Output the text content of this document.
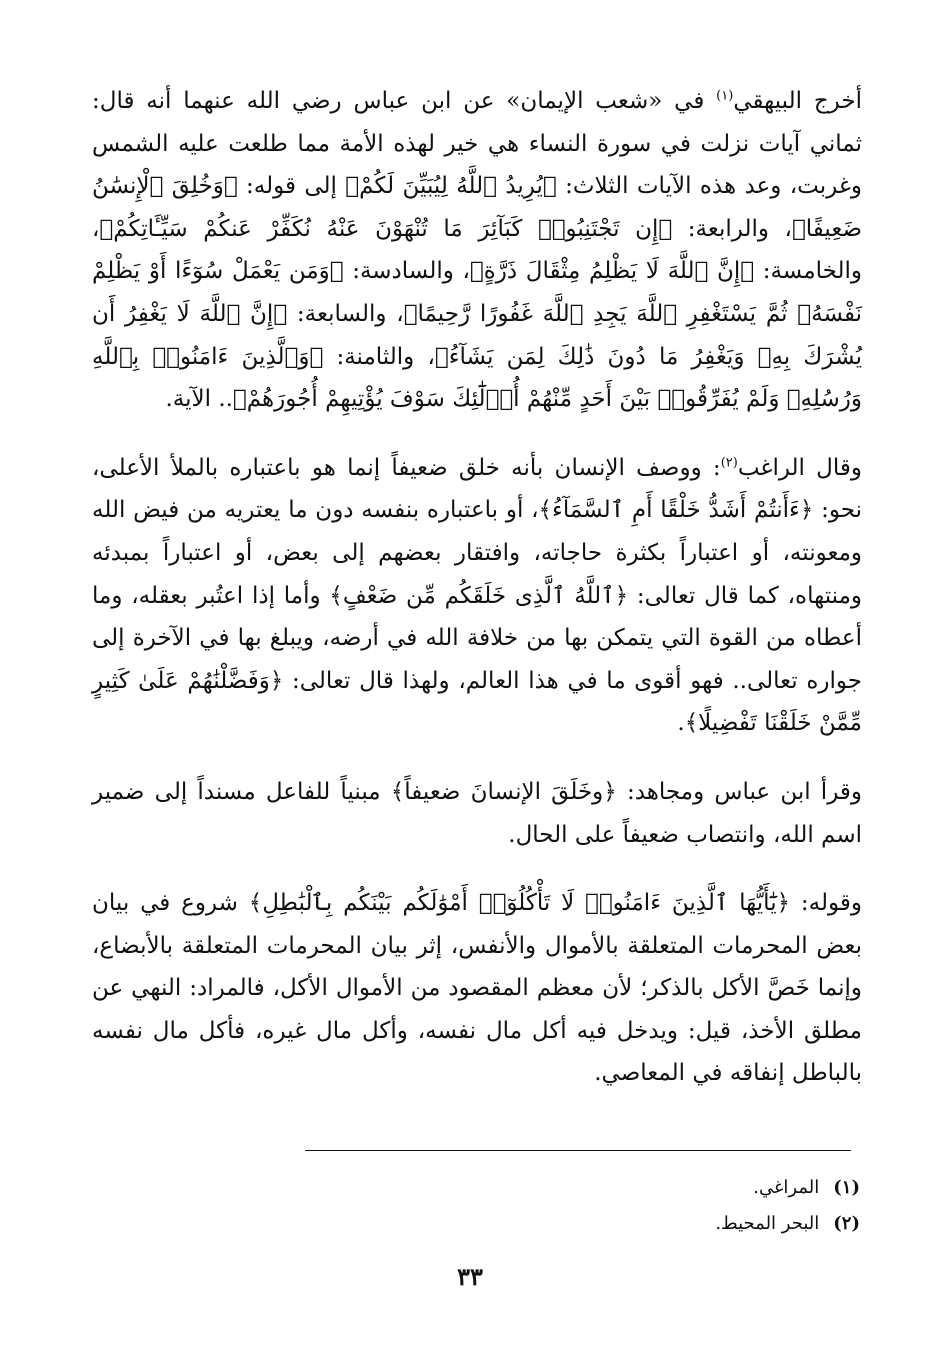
أخرج البيهقي$^{(١)}$ في «شعب الإيمان» عن ابن عباس رضي الله عنهما أنه قال: ثماني آيات نزلت في سورة النساء هي خير لهذه الأمة مما طلعت عليه الشمس وغربت، وعد هذه الآيات الثلاث: ﴿يُرِيدُ ٱللَّهُ لِيُبَيِّنَ لَكُمْ﴾ إلى قوله: ﴿وَخُلِقَ ٱلْإِنسَٰنُ ضَعِيفًا﴾، والرابعة: ﴿إِن تَجْتَنِبُوا۟ كَبَآئِرَ مَا تُنْهَوْنَ عَنْهُ نُكَفِّرْ عَنكُمْ سَيِّـَٔاتِكُمْ﴾، والخامسة: ﴿إِنَّ ٱللَّهَ لَا يَظْلِمُ مِثْقَالَ ذَرَّةٍ﴾، والسادسة: ﴿وَمَن يَعْمَلْ سُوٓءًا أَوْ يَظْلِمْ نَفْسَهُۥ ثُمَّ يَسْتَغْفِرِ ٱللَّهَ يَجِدِ ٱللَّهَ غَفُورًا رَّحِيمًا﴾، والسابعة: ﴿إِنَّ ٱللَّهَ لَا يَغْفِرُ أَن يُشْرَكَ بِهِۦ وَيَغْفِرُ مَا دُونَ ذَٰلِكَ لِمَن يَشَآءُ﴾، والثامنة: ﴿وَٱلَّذِينَ ءَامَنُوا۟ بِٱللَّهِ وَرُسُلِهِۦ وَلَمْ يُفَرِّقُوا۟ بَيْنَ أَحَدٍ مِّنْهُمْ أُو۟لَٰٓئِكَ سَوْفَ يُؤْتِيهِمْ أُجُورَهُمْ﴾.. الآية.

وقال الراغب$^{(٢)}$: ووصف الإنسان بأنه خلق ضعيفاً إنما هو باعتباره بالملأ الأعلى، نحو: ﴿ءَأَنتُمْ أَشَدُّ خَلْقًا أَمِ ٱلسَّمَآءُ﴾، أو باعتباره بنفسه دون ما يعتريه من فيض الله ومعونته، أو اعتباراً بكثرة حاجاته، وافتقار بعضهم إلى بعض، أو اعتباراً بمبدئه ومنتهاه، كما قال تعالى: ﴿ٱللَّهُ ٱلَّذِى خَلَقَكُم مِّن ضَعْفٍ﴾ وأما إذا اعتُبر بعقله، وما أعطاه من القوة التي يتمكن بها من خلافة الله في أرضه، ويبلغ بها في الآخرة إلى جواره تعالى.. فهو أقوى ما في هذا العالم، ولهذا قال تعالى: ﴿وَفَضَّلْنَٰهُمْ عَلَىٰ كَثِيرٍ مِّمَّنْ خَلَقْنَا تَفْضِيلًا﴾.

وقرأ ابن عباس ومجاهد: ﴿وخَلَقَ الإنسانَ ضعيفاً﴾ مبنياً للفاعل مسنداً إلى ضمير اسم الله، وانتصاب ضعيفاً على الحال.

وقوله: ﴿يَٰٓأَيُّهَا ٱلَّذِينَ ءَامَنُوا۟ لَا تَأْكُلُوٓا۟ أَمْوَٰلَكُم بَيْنَكُم بِٱلْبَٰطِلِ﴾ شروع في بيان بعض المحرمات المتعلقة بالأموال والأنفس، إثر بيان المحرمات المتعلقة بالأبضاع، وإنما خَصَّ الأكل بالذكر؛ لأن معظم المقصود من الأموال الأكل، فالمراد: النهي عن مطلق الأخذ، قيل: ويدخل فيه أكل مال نفسه، وأكل مال غيره، فأكل مال نفسه بالباطل إنفاقه في المعاصي.

(١)المراغي.
(٢)البحر المحيط.
٣٣
